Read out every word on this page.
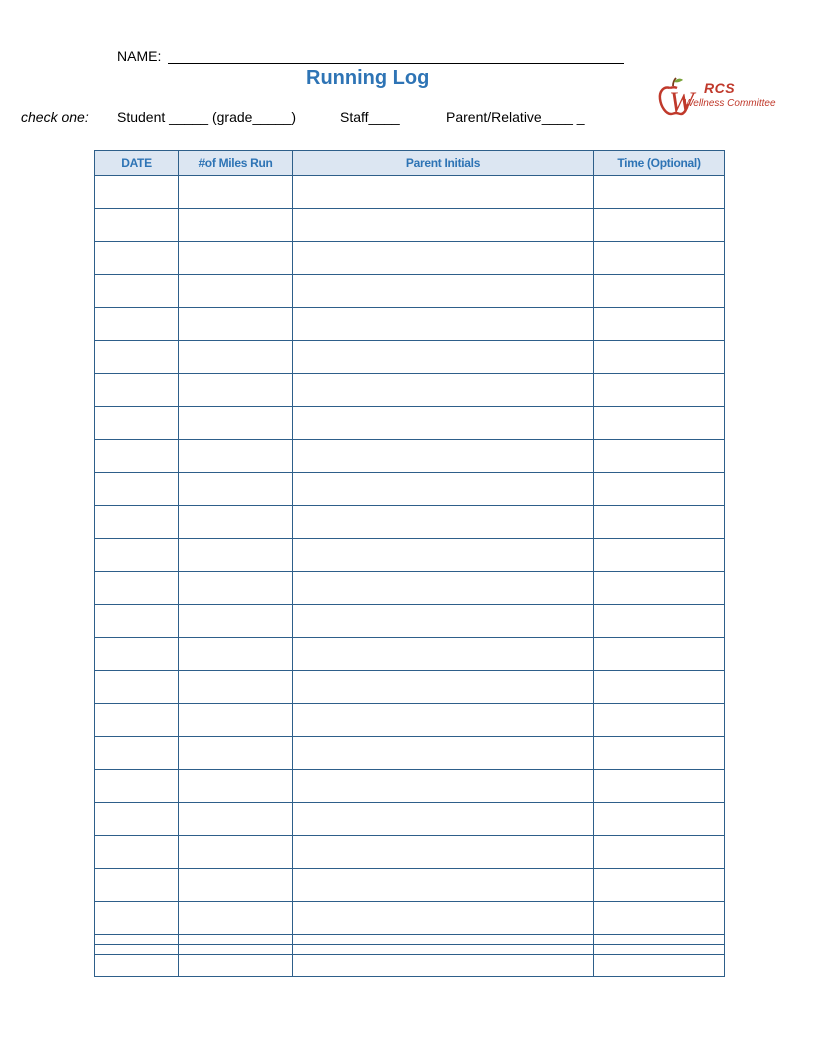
NAME:
Running Log
check one: Student _____ (grade_____)	Staff____	Parent/Relative____ _	W RCS
Wellness Committee
DATE	#of Miles Run	Parent Initials	Time (Optional)
